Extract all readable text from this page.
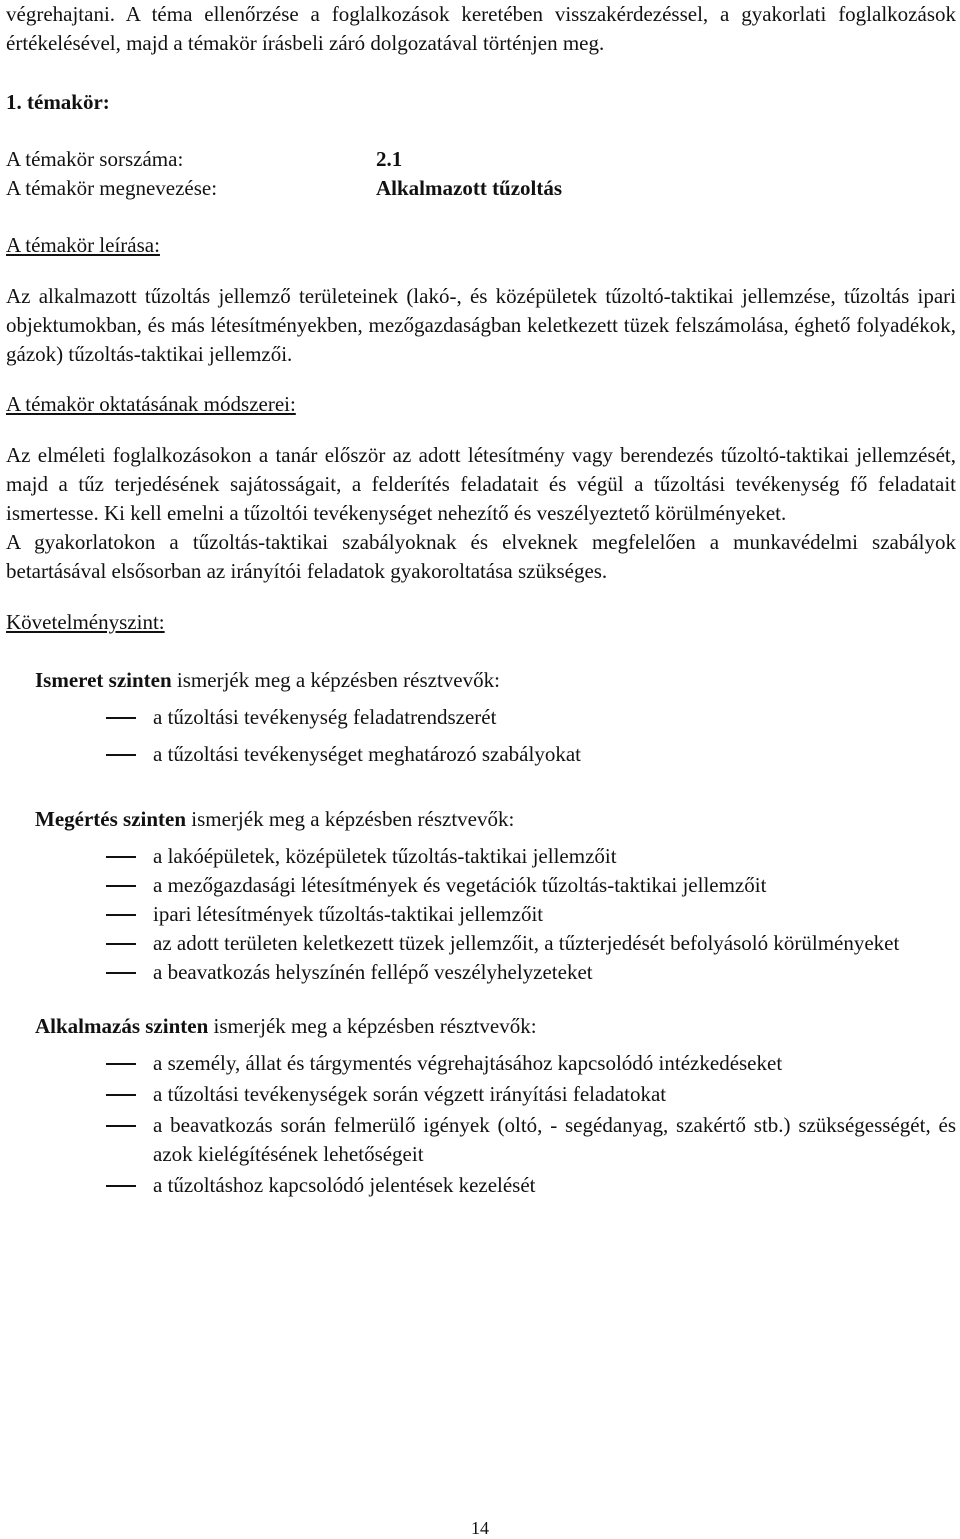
végrehajtani. A téma ellenőrzése a foglalkozások keretében visszakérdezéssel, a gyakorlati foglalkozások értékelésével, majd a témakör írásbeli záró dolgozatával történjen meg.

1. témakör:

A témakör sorszáma:	2.1
A témakör megnevezése:	Alkalmazott tűzoltás

A témakör leírása:

Az alkalmazott tűzoltás jellemző területeinek (lakó-, és középületek tűzoltó-taktikai jellemzése, tűzoltás ipari objektumokban, és más létesítményekben, mezőgazdaságban keletkezett tüzek felszámolása, éghető folyadékok, gázok) tűzoltás-taktikai jellemzői.

A témakör oktatásának módszerei:

Az elméleti foglalkozásokon a tanár először az adott létesítmény vagy berendezés tűzoltó-taktikai jellemzését, majd a tűz terjedésének sajátosságait, a felderítés feladatait és végül a tűzoltási tevékenység fő feladatait ismertesse. Ki kell emelni a tűzoltói tevékenységet nehezítő és veszélyeztető körülményeket.

A gyakorlatokon a tűzoltás-taktikai szabályoknak és elveknek megfelelően a munkavédelmi szabályok betartásával elsősorban az irányítói feladatok gyakoroltatása szükséges.

Követelményszint:

Ismeret szinten ismerjék meg a képzésben résztvevők:

a tűzoltási tevékenység feladatrendszerét
a tűzoltási tevékenységet meghatározó szabályokat

Megértés szinten ismerjék meg a képzésben résztvevők:

a lakóépületek, középületek tűzoltás-taktikai jellemzőit
a mezőgazdasági létesítmények és vegetációk tűzoltás-taktikai jellemzőit
ipari létesítmények tűzoltás-taktikai jellemzőit
az adott területen keletkezett tüzek jellemzőit, a tűzterjedését befolyásoló körülményeket
a beavatkozás helyszínén fellépő veszélyhelyzeteket

Alkalmazás szinten ismerjék meg a képzésben résztvevők:

a személy, állat és tárgymentés végrehajtásához kapcsolódó intézkedéseket
a tűzoltási tevékenységek során végzett irányítási feladatokat
a beavatkozás során felmerülő igények (oltó, - segédanyag, szakértő stb.) szükségességét, és azok kielégítésének lehetőségeit
a tűzoltáshoz kapcsolódó jelentések kezelését
14
